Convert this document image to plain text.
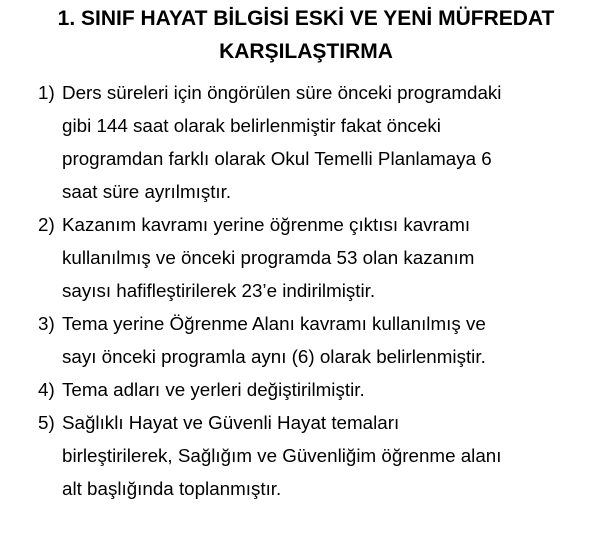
1. SINIF HAYAT BİLGİSİ ESKİ VE YENİ MÜFREDAT
KARŞILAŞTIRMA
1) Ders süreleri için öngörülen süre önceki programdaki
gibi 144 saat olarak belirlenmiştir fakat önceki
programdan farklı olarak Okul Temelli Planlamaya 6
saat süre ayrılmıştır.
2) Kazanım kavramı yerine öğrenme çıktısı kavramı
kullanılmış ve önceki programda 53 olan kazanım
sayısı hafifleştirilerek 23’e indirilmiştir.
3) Tema yerine Öğrenme Alanı kavramı kullanılmış ve
sayı önceki programla aynı (6) olarak belirlenmiştir.
4) Tema adları ve yerleri değiştirilmiştir.
5) Sağlıklı Hayat ve Güvenli Hayat temaları
birleştirilerek, Sağlığım ve Güvenliğim öğrenme alanı
alt başlığında toplanmıştır.
